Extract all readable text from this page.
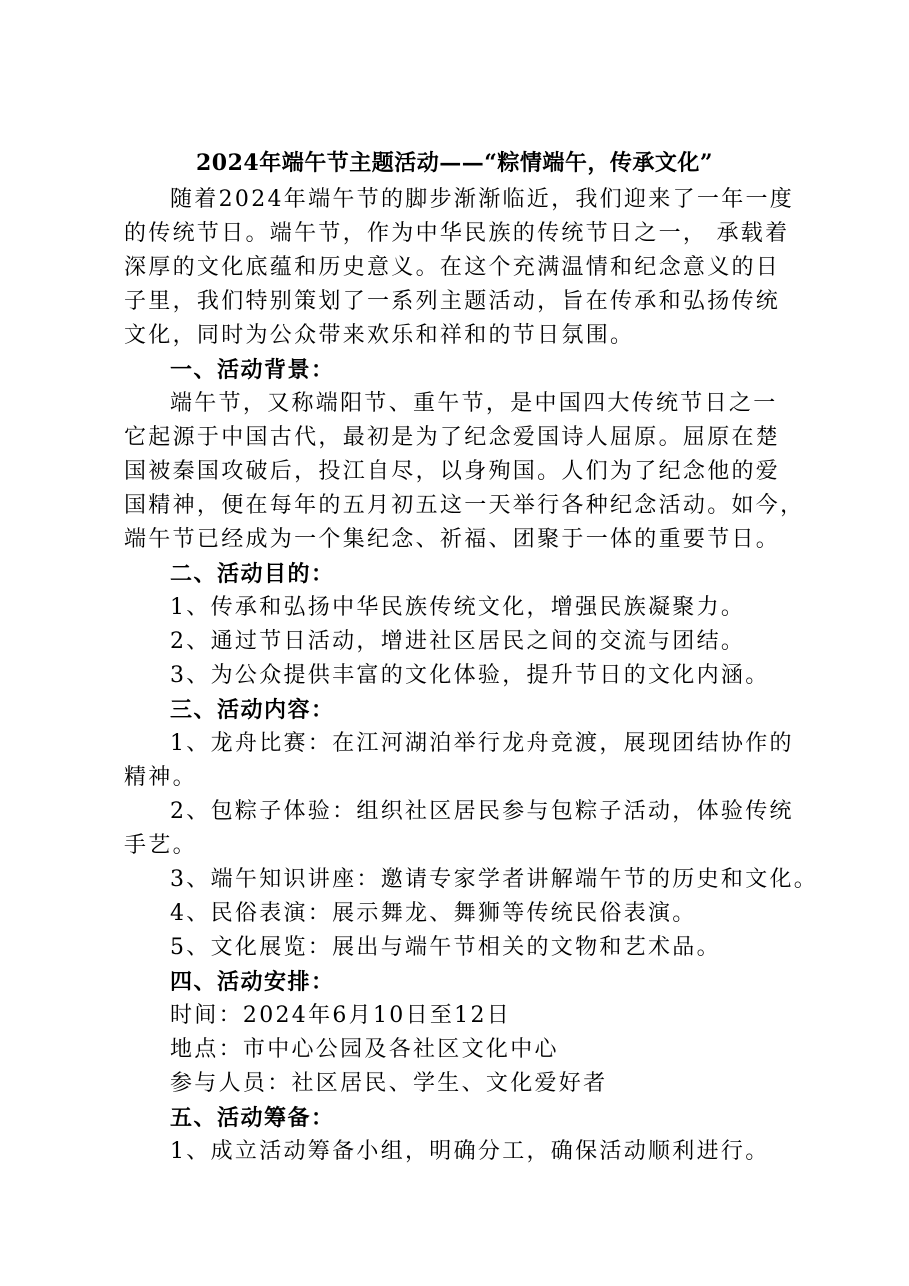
2024年端午节主题活动——“粽情端午，传承文化”
随着2024年端午节的脚步渐渐临近，我们迎来了一年一度
的传统节日。端午节，作为中华民族的传统节日之一， 承载着
深厚的文化底蕴和历史意义。在这个充满温情和纪念意义的日
子里，我们特别策划了一系列主题活动，旨在传承和弘扬传统
文化，同时为公众带来欢乐和祥和的节日氛围。
一、活动背景：
端午节，又称端阳节、重午节，是中国四大传统节日之一
它起源于中国古代，最初是为了纪念爱国诗人屈原。屈原在楚
国被秦国攻破后，投江自尽，以身殉国。人们为了纪念他的爱
国精神，便在每年的五月初五这一天举行各种纪念活动。如今，
端午节已经成为一个集纪念、祈福、团聚于一体的重要节日。
二、活动目的：
1、传承和弘扬中华民族传统文化，增强民族凝聚力。
2、通过节日活动，增进社区居民之间的交流与团结。
3、为公众提供丰富的文化体验，提升节日的文化内涵。
三、活动内容：
1、龙舟比赛：在江河湖泊举行龙舟竞渡，展现团结协作的
精神。
2、包粽子体验：组织社区居民参与包粽子活动，体验传统
手艺。
3、端午知识讲座：邀请专家学者讲解端午节的历史和文化。
4、民俗表演：展示舞龙、舞狮等传统民俗表演。
5、文化展览：展出与端午节相关的文物和艺术品。
四、活动安排：
时间：2024年6月10日至12日
地点：市中心公园及各社区文化中心
参与人员：社区居民、学生、文化爱好者
五、活动筹备：
1、成立活动筹备小组，明确分工，确保活动顺利进行。
